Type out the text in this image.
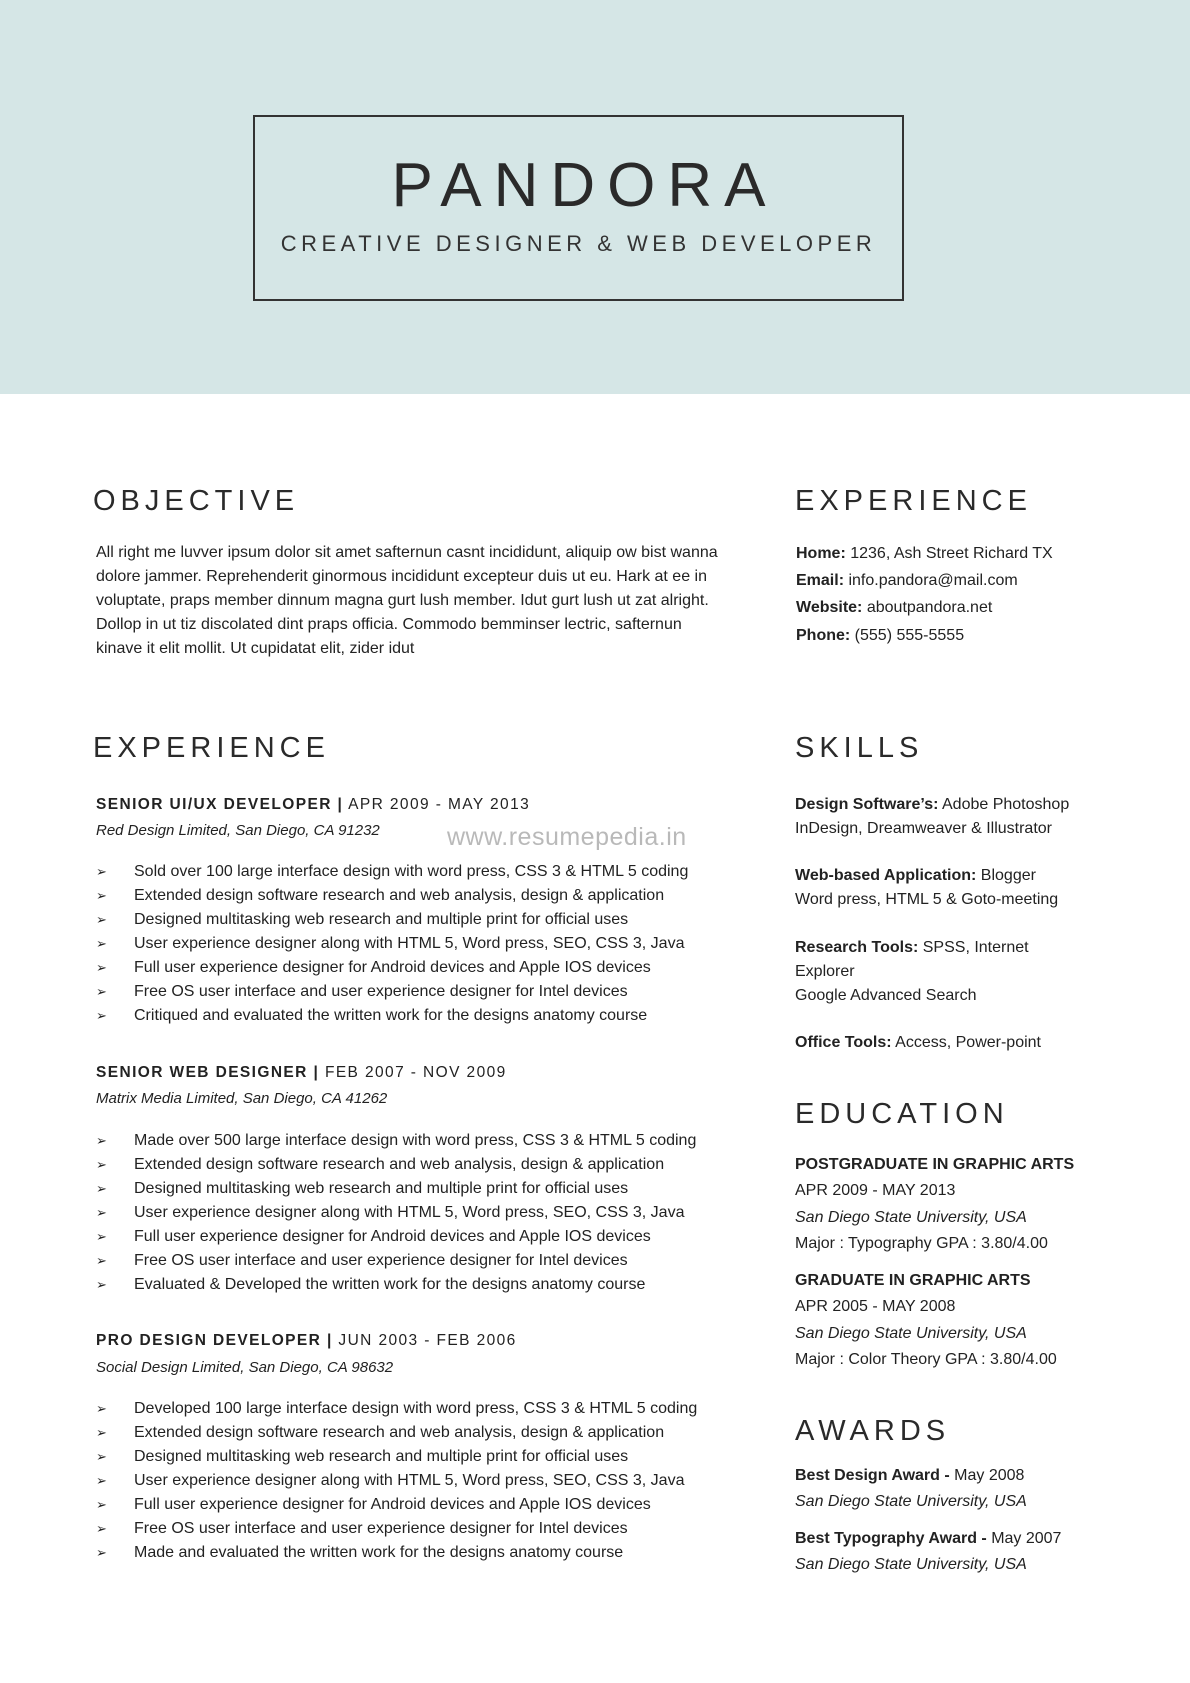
PANDORA
CREATIVE DESIGNER & WEB DEVELOPER
OBJECTIVE
All right me luvver ipsum dolor sit amet safternun casnt incididunt, aliquip ow bist wanna dolore jammer. Reprehenderit ginormous incididunt excepteur duis ut eu. Hark at ee in voluptate, praps member dinnum magna gurt lush member. Idut gurt lush ut zat alright. Dollop in ut tiz discolated dint praps officia. Commodo bemminser lectric, safternun kinave it elit mollit. Ut cupidatat elit, zider idut
EXPERIENCE
Home: 1236, Ash Street Richard TX
Email: info.pandora@mail.com
Website: aboutpandora.net
Phone: (555) 555-5555
EXPERIENCE
SENIOR UI/UX DEVELOPER | APR 2009 - MAY 2013
Red Design Limited, San Diego, CA 91232
➢ Sold over 100 large interface design with word press, CSS 3 & HTML 5 coding
➢ Extended design software research and web analysis, design & application
➢ Designed multitasking web research and multiple print for official uses
➢ User experience designer along with HTML 5, Word press, SEO, CSS 3, Java
➢ Full user experience designer for Android devices and Apple IOS devices
➢ Free OS user interface and user experience designer for Intel devices
➢ Critiqued and evaluated the written work for the designs anatomy course
SENIOR WEB DESIGNER | FEB 2007 - NOV 2009
Matrix Media Limited, San Diego, CA 41262
➢ Made over 500 large interface design with word press, CSS 3 & HTML 5 coding
➢ Extended design software research and web analysis, design & application
➢ Designed multitasking web research and multiple print for official uses
➢ User experience designer along with HTML 5, Word press, SEO, CSS 3, Java
➢ Full user experience designer for Android devices and Apple IOS devices
➢ Free OS user interface and user experience designer for Intel devices
➢ Evaluated & Developed the written work for the designs anatomy course
PRO DESIGN DEVELOPER | JUN 2003 - FEB 2006
Social Design Limited, San Diego, CA 98632
➢ Developed 100 large interface design with word press, CSS 3 & HTML 5 coding
➢ Extended design software research and web analysis, design & application
➢ Designed multitasking web research and multiple print for official uses
➢ User experience designer along with HTML 5, Word press, SEO, CSS 3, Java
➢ Full user experience designer for Android devices and Apple IOS devices
➢ Free OS user interface and user experience designer for Intel devices
➢ Made and evaluated the written work for the designs anatomy course
SKILLS
Design Software’s: Adobe Photoshop
InDesign, Dreamweaver & Illustrator
Web-based Application: Blogger
Word press, HTML 5 & Goto-meeting
Research Tools: SPSS, Internet
Explorer
Google Advanced Search
Office Tools: Access, Power-point
EDUCATION
POSTGRADUATE IN GRAPHIC ARTS
APR 2009 - MAY 2013
San Diego State University, USA
Major : Typography GPA : 3.80/4.00
GRADUATE IN GRAPHIC ARTS
APR 2005 - MAY 2008
San Diego State University, USA
Major : Color Theory GPA : 3.80/4.00
AWARDS
Best Design Award - May 2008
San Diego State University, USA
Best Typography Award - May 2007
San Diego State University, USA
www.resumepedia.in
